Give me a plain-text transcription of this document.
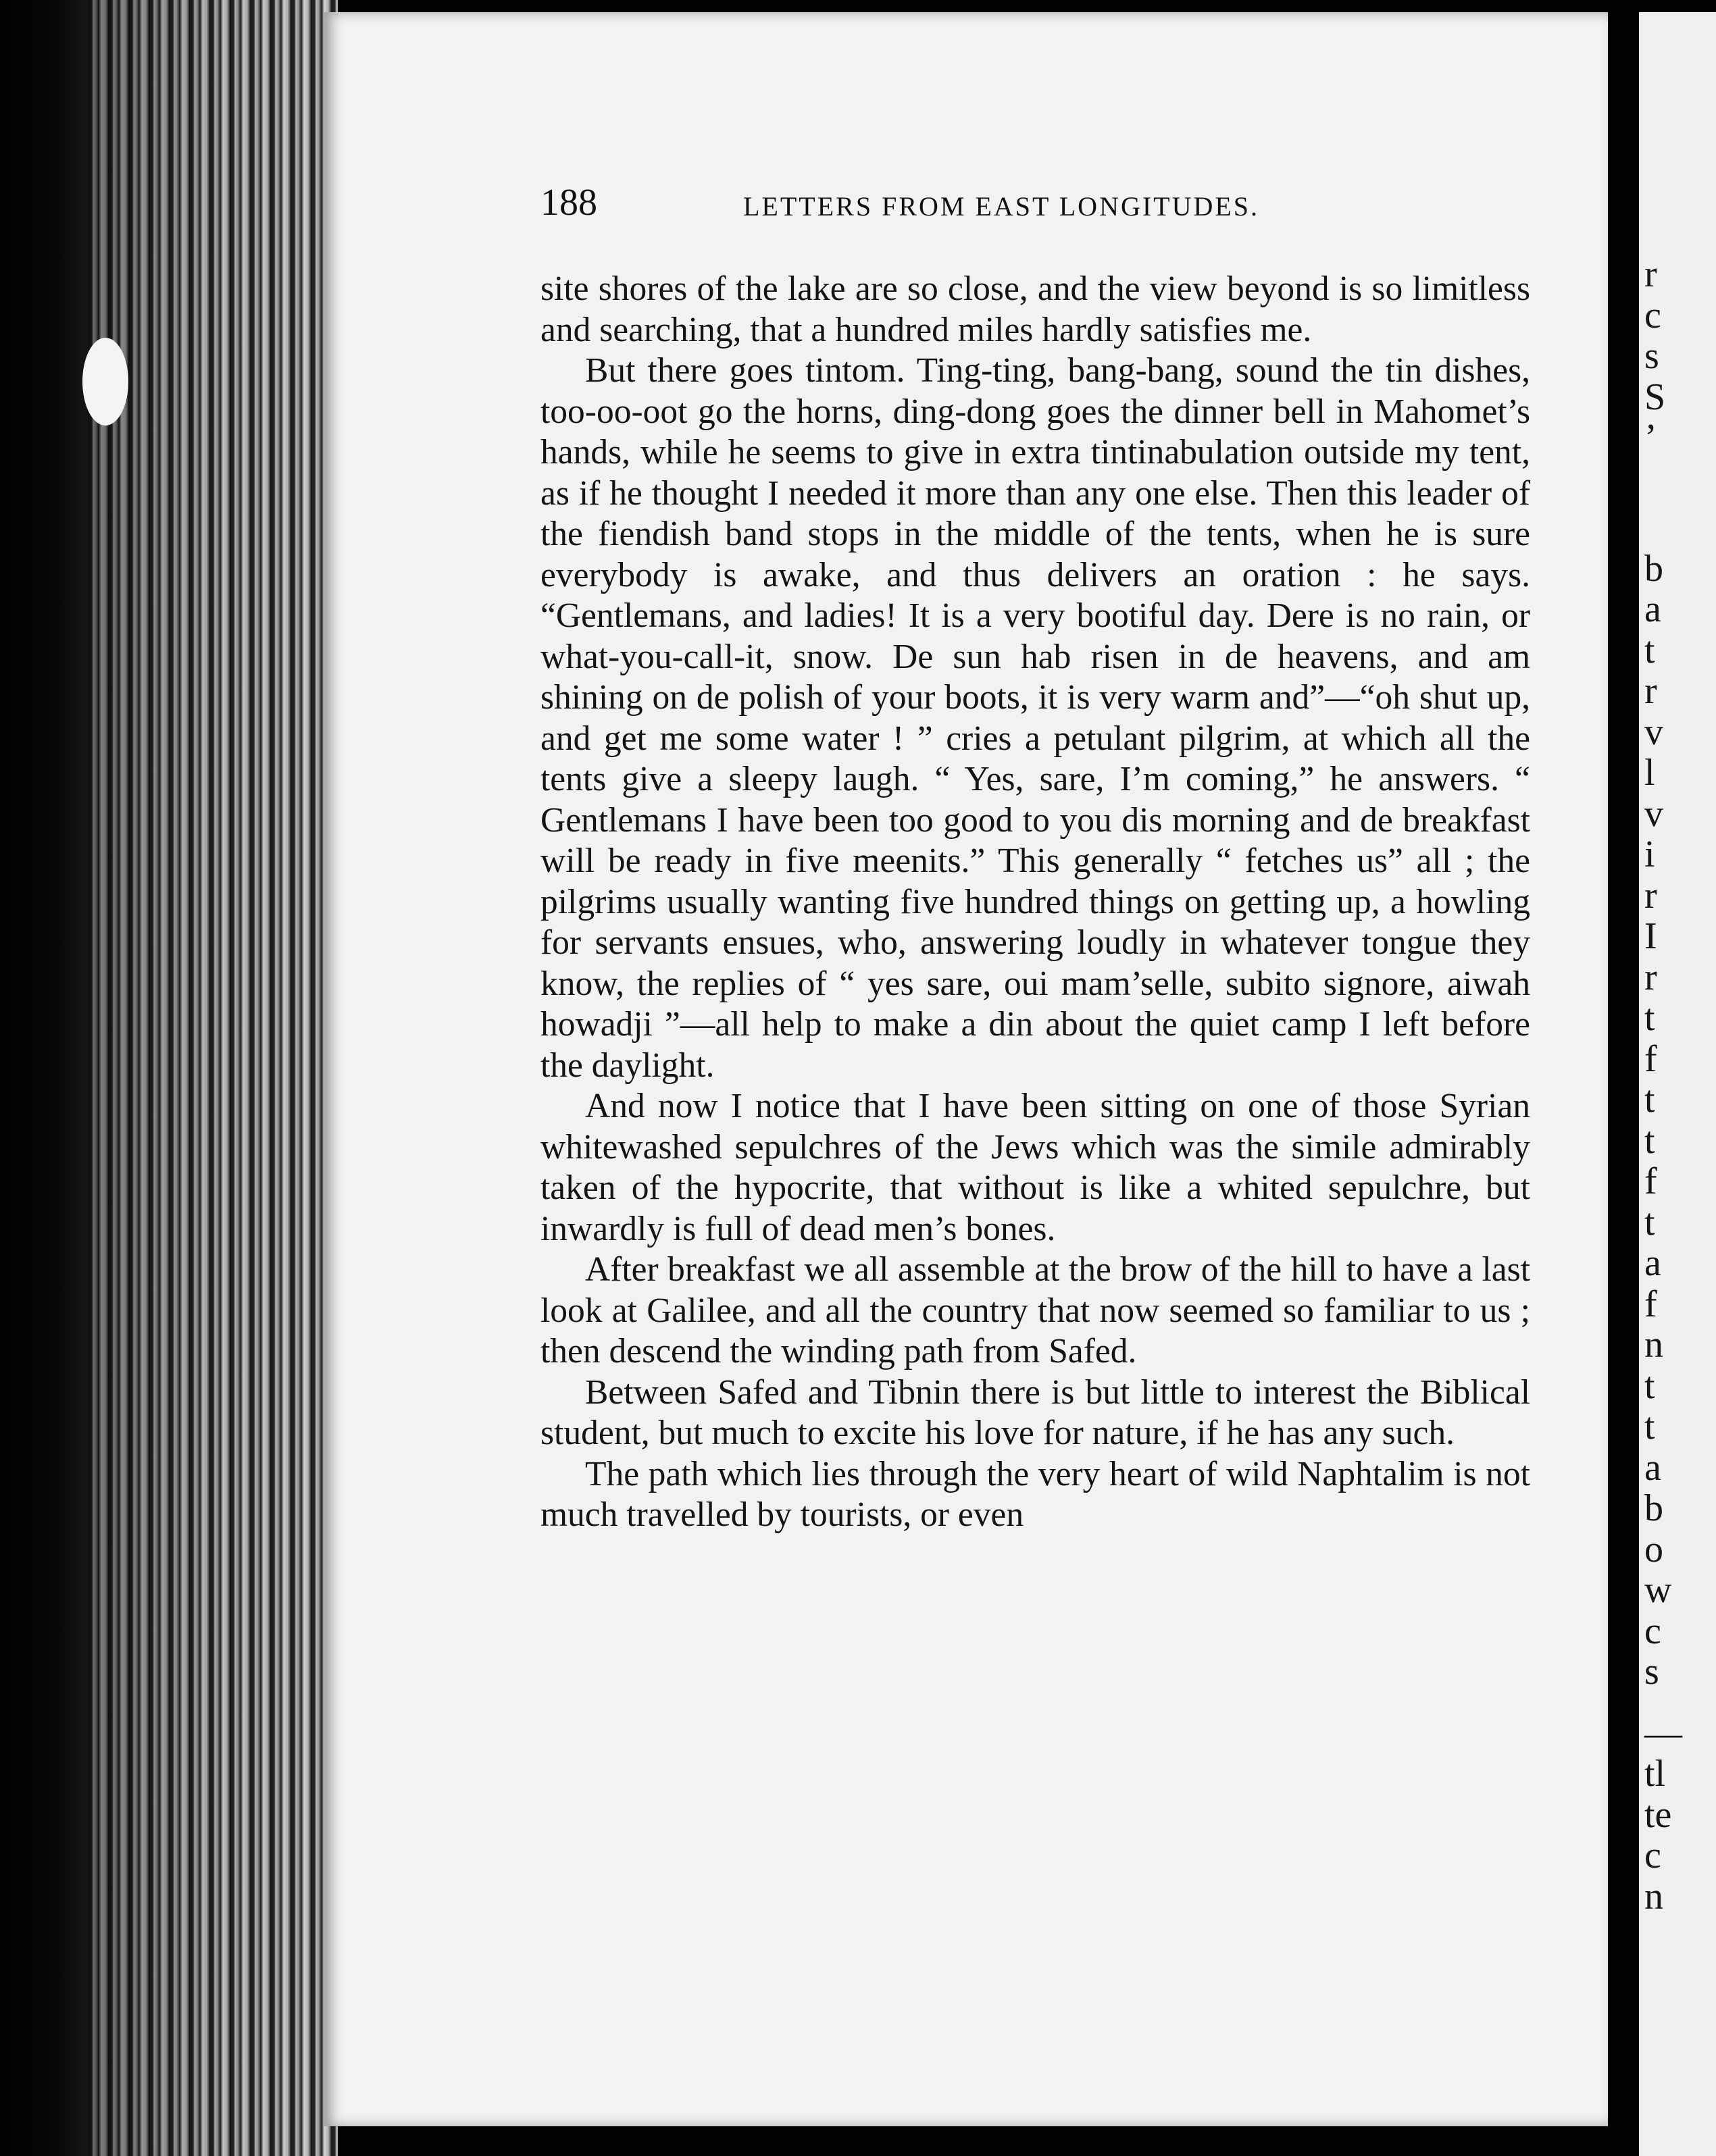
188	LETTERS FROM EAST LONGITUDES.

site shores of the lake are so close, and the view beyond is so limitless and searching, that a hundred miles hardly satisfies me.

But there goes tintom. Ting-ting, bang-bang, sound the tin dishes, too-oo-oot go the horns, ding-dong goes the dinner bell in Mahomet’s hands, while he seems to give in extra tintinabulation outside my tent, as if he thought I needed it more than any one else. Then this leader of the fiendish band stops in the middle of the tents, when he is sure everybody is awake, and thus delivers an oration : he says. “Gentlemans, and ladies! It is a very bootiful day. Dere is no rain, or what-you-call-it, snow. De sun hab risen in de heavens, and am shining on de polish of your boots, it is very warm and”—“oh shut up, and get me some water ! ” cries a petulant pilgrim, at which all the tents give a sleepy laugh. “ Yes, sare, I’m coming,” he answers. “ Gentlemans I have been too good to you dis morning and de breakfast will be ready in five meenits.” This generally “ fetches us” all ; the pilgrims usually wanting five hundred things on getting up, a howling for servants ensues, who, answering loudly in whatever tongue they know, the replies of “ yes sare, oui mam’selle, subito signore, aiwah howadji ”—all help to make a din about the quiet camp I left before the daylight.

And now I notice that I have been sitting on one of those Syrian whitewashed sepulchres of the Jews which was the simile admirably taken of the hypocrite, that without is like a whited sepulchre, but inwardly is full of dead men’s bones.

After breakfast we all assemble at the brow of the hill to have a last look at Galilee, and all the country that now seemed so familiar to us ; then descend the winding path from Safed.

Between Safed and Tibnin there is but little to interest the Biblical student, but much to excite his love for nature, if he has any such.

The path which lies through the very heart of wild Naphtalim is not much travelled by tourists, or even

r
c
s
S
’
b
a
t
r
v
l
v
i
r
I
r
t
f
t
t
f
t
a
f
n
t
t
a
b
o
w
c
s
—
tl
te
c
n
